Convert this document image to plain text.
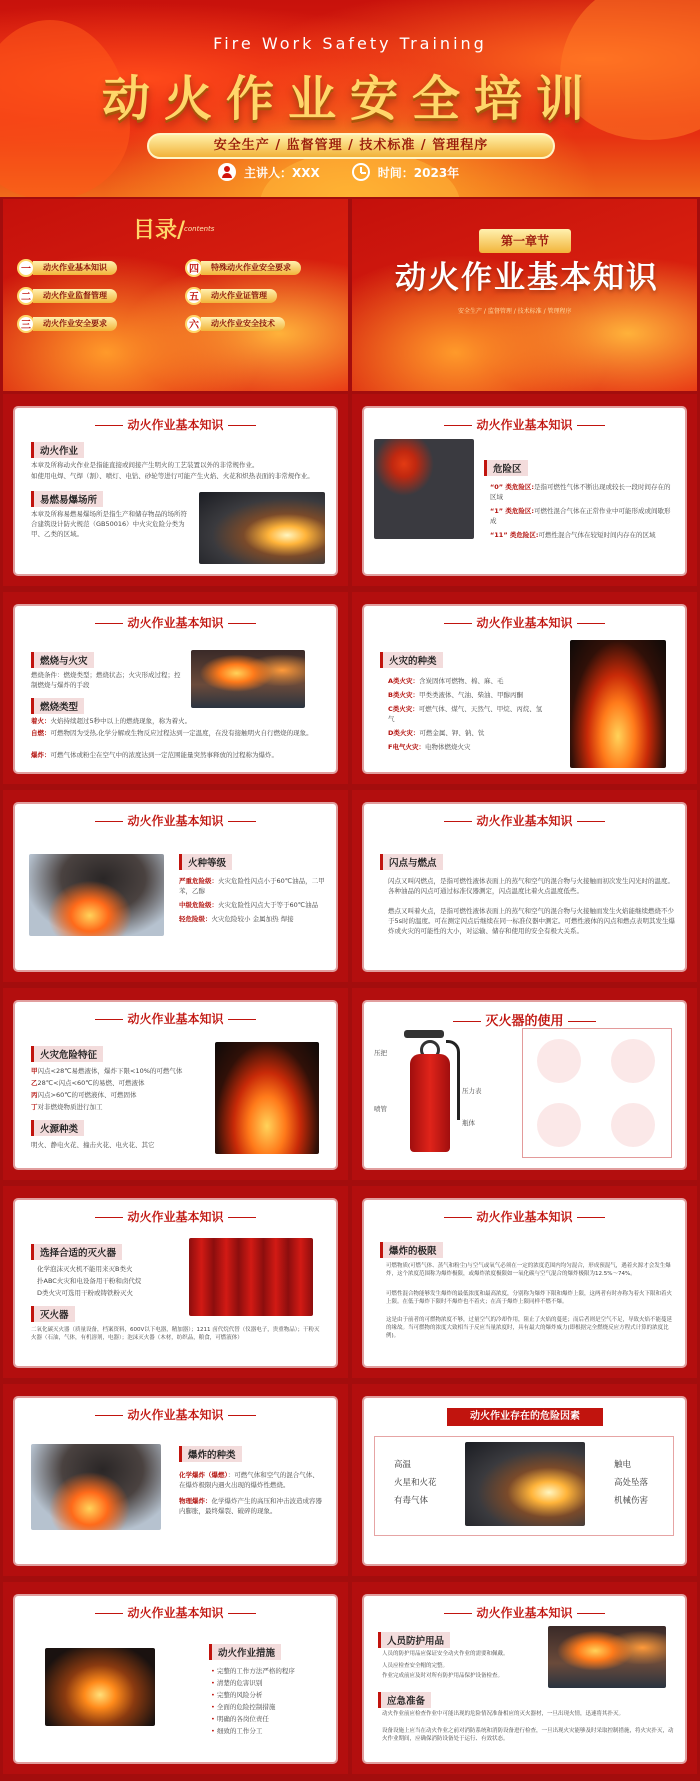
Fire Work Safety Training
动火作业安全培训
安全生产 / 监督管理 / 技术标准 / 管理程序
主讲人：XXX	时间：2023年
目录/
contents
一	动火作业基本知识
二	动火作业监督管理
三	动火作业安全要求
四	特殊动火作业安全要求
五	动火作业证管理
六	动火作业安全技术
第一章节
动火作业基本知识
安全生产 / 监督管理 / 技术标准 / 管理程序
动火作业基本知识
动火作业
本章及所称动火作业是指能直接或间接产生明火的工艺装置以外的非常规作业。
如使用电焊、气焊（割）、喷灯、电钻、砂轮等进行可能产生火焰、火花和炽热表面的非常规作业。
易燃易爆场所
本章及所称易燃易爆场所是指生产和储存物品的场所符合建筑设计防火规范（GB50016）中火灾危险分类为甲、乙类的区域。
动火作业基本知识
危险区
“0” 类危险区:是指可燃性气体不断出现或较长一段时间存在的区域
“1” 类危险区:可燃性混合气体在正常作业中可能形成或间歇形成
“11” 类危险区:可燃性混合气体在较短时间内存在的区域
动火作业基本知识
燃烧与火灾
燃烧条件：燃烧类型；燃烧状态；火灾形成过程；控制燃烧与爆炸的手段
燃烧类型
着火：火焰持续超过5秒中以上的燃烧现象，称为着火。
自燃：可燃物因为受热,化学分解或生物反应过程达到一定温度，在没有接触明火自行燃烧的现象。
爆炸：可燃气体或粉尘在空气中的浓度达到一定范围能量突然事释放的过程称为爆炸。
动火作业基本知识
火灾的种类
A类火灾：含炭固体可燃物、棉、麻、毛
B类火灾：甲类类液体、气油、柴油、甲醇丙酮
C类火灾：可燃气体、煤气、天然气、甲烷、丙烷、氢气
D类火灾：可燃金属、钾、钠、钛
F电气火灾：电物体燃烧火灾
动火作业基本知识
火种等级
严重危险级：火灾危险性闪点小于60℃油品，二甲苯，乙醇
中级危险级：火灾危险性闪点大于等于60℃油品
轻危险级：火灾危险较小 金属加热 焊接
动火作业基本知识
闪点与燃点
闪点又叫闪燃点，是指可燃性液体表面上的蒸气和空气的混合物与火接触而初次发生闪光时的温度。各种油品的闪点可通过标准仪器测定，闪点温度比着火点温度低些。
燃点又叫着火点，是指可燃性液体表面上的蒸气和空气的混合物与火接触而发生火焰能继续燃烧不少于5s时的温度。可在测定闪点后继续在同一标准仪器中测定。可燃性液体的闪点和燃点表明其发生爆炸或火灾的可能性的大小，对运输、储存和使用的安全有极大关系。
动火作业基本知识
火灾危险特征
甲闪点<28℃易燃液体，爆炸下限<10%的可燃气体
乙28℃<闪点<60℃的易燃、可燃液体
丙闪点>60℃的可燃液体、可燃固体
丁对非燃烧物质进行加工
火源种类
明火、静电火花、撞击火花、电火花、其它
灭火器的使用
压把
压力表
喷管
瓶体
动火作业基本知识
选择合适的灭火器
化学泡沫灭火机不能用来灭B类火
扑ABC火灾和电设备用干粉和卤代烷
D类火灾可选用干粉或铸铁粉灭火
灭火器
二氧化碳灭火器（质量设备，档案资料，600V以下电器，精加器）；1211 卤代烷代替（仪器电子，贵重物品）；干粉灭火器（石油，气体，有机溶剂，电器）；泡沫灭火器（木材，纺织品，粮食，可燃液体）
动火作业基本知识
爆炸的极限
可燃物质(可燃气体、蒸气和粉尘)与空气或氧气必须在一定的浓度范围内均匀混合，形成预混气，遇着火源才会发生爆炸，这个浓度范围称为爆炸极限，或爆炸浓度极限如一氧化碳与空气混合的爆炸极限为12.5%～74%。
可燃性混合物能够发生爆炸的最低浓度和最高浓度，分别称为爆炸下限和爆炸上限，这两者有时亦称为着火下限和着火上限。在低于爆炸下限时不爆炸也不着火；在高于爆炸上限同样不燃不爆。
这是由于前者的可燃物浓度不够，过量空气的冷却作用，阻止了火焰的蔓延；而后者则是空气不足，导致火焰不能蔓延的缘故。当可燃物的浓度大致相当于反应当量浓度时，具有最大的爆炸威力(即根据完全燃烧反应方程式计算的浓度比例)。
动火作业基本知识
爆炸的种类
化学爆炸（爆燃）：可燃气体和空气的混合气体、在爆炸极限内遇火出现的爆炸性燃烧。
物理爆炸：化学爆炸产生的高压和冲击波造成容器内膨胀，最终爆裂、破碎的现象。
动火作业存在的危险因素
高温
火星和火花
有毒气体
触电
高处坠落
机械伤害
动火作业基本知识
动火作业措施
• 完整的工作方法严格的程序
• 清楚的危害识别
• 完整的风险分析
• 全面的危险控制措施
• 明确的各岗位责任
• 细致的工作分工
动火作业基本知识
人员防护用品
人员的防护用品应保证安全动火作业的需要和佩戴。
人员应检查安全帽的完整。
作业完成前应及时对所有防护用品保护设备检查。
应急准备
动火作业前应检查作业中可能出现的危险情况准备相应的灭火器材，一旦出现火情，迅速将其扑灭。
设备设施上应当在动火作业之前对消防系统和消防设备进行检查，一旦出现火灾能够及时采取控制措施，将火灾扑灭，动火作业期间，应确保消防设备处于运行、有效状态。
